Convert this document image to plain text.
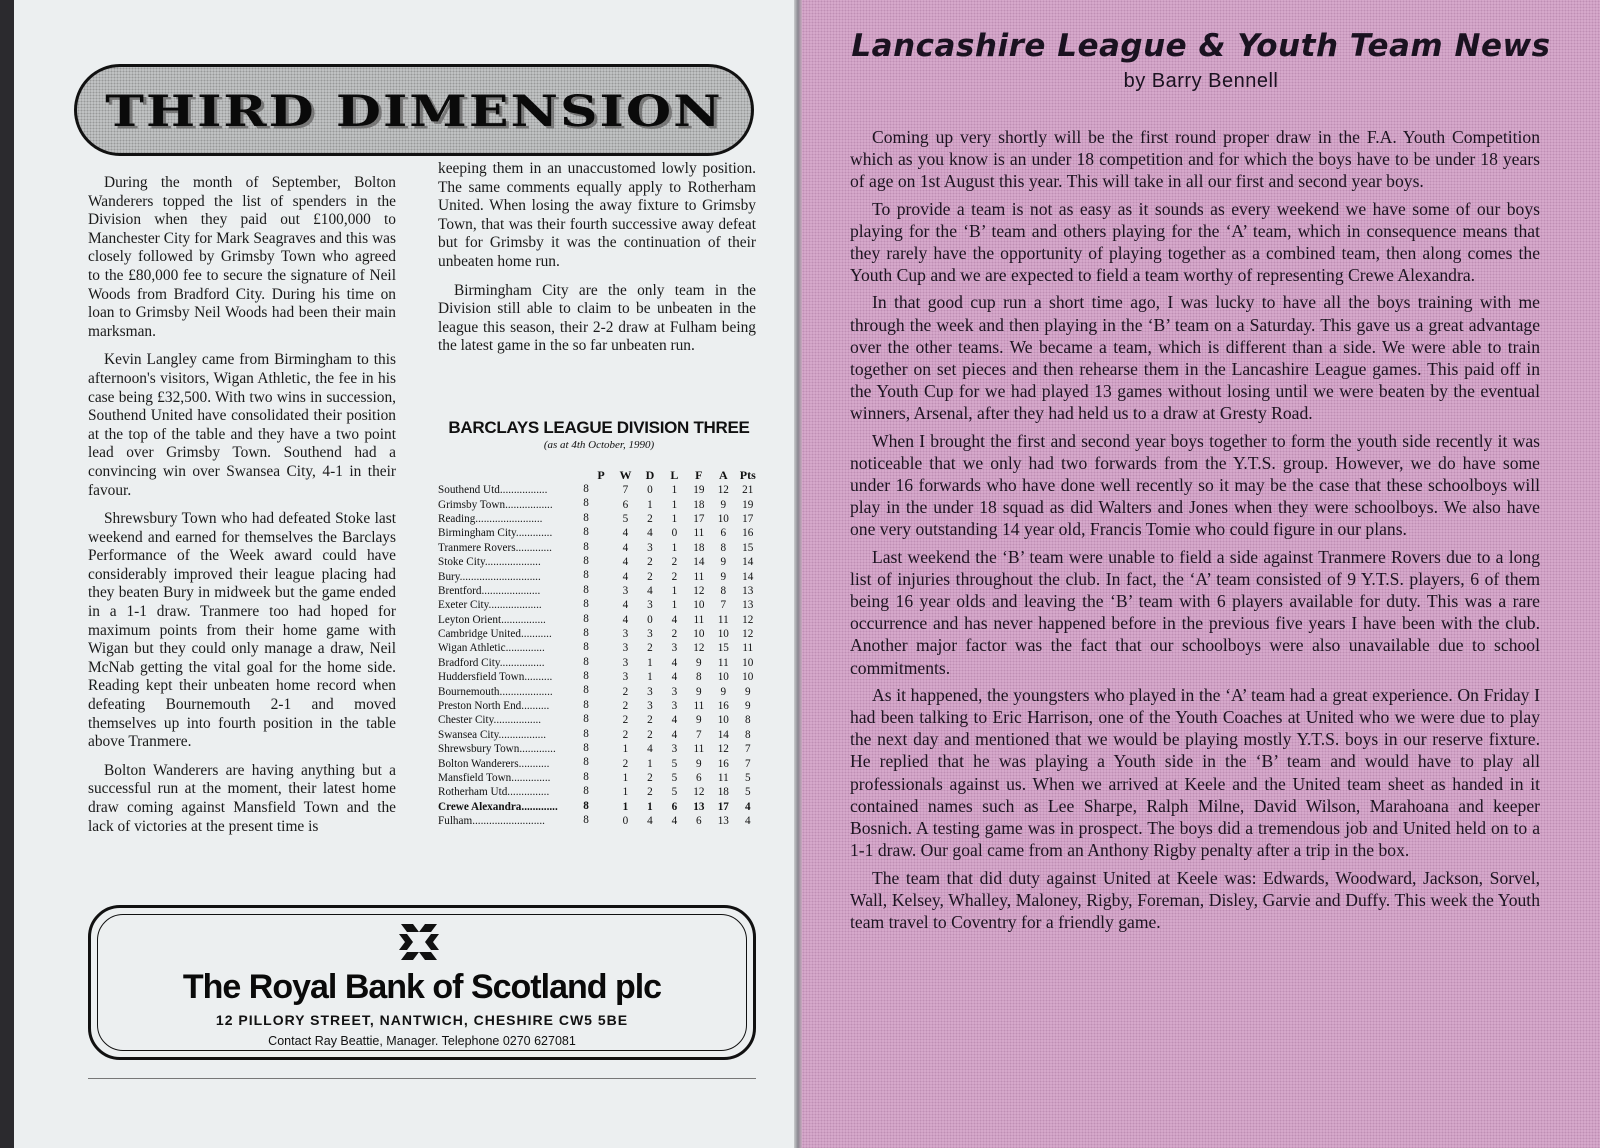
THIRD DIMENSION

During the month of September, Bolton Wanderers topped the list of spenders in the Division when they paid out £100,000 to Manchester City for Mark Seagraves and this was closely followed by Grimsby Town who agreed to the £80,000 fee to secure the signature of Neil Woods from Bradford City. During his time on loan to Grimsby Neil Woods had been their main marksman.

Kevin Langley came from Birmingham to this afternoon's visitors, Wigan Athletic, the fee in his case being £32,500. With two wins in succession, Southend United have consolidated their position at the top of the table and they have a two point lead over Grimsby Town. Southend had a convincing win over Swansea City, 4-1 in their favour.

Shrewsbury Town who had defeated Stoke last weekend and earned for themselves the Barclays Performance of the Week award could have considerably improved their league placing had they beaten Bury in midweek but the game ended in a 1-1 draw. Tranmere too had hoped for maximum points from their home game with Wigan but they could only manage a draw, Neil McNab getting the vital goal for the home side. Reading kept their unbeaten home record when defeating Bournemouth 2-1 and moved themselves up into fourth position in the table above Tranmere.

Bolton Wanderers are having anything but a successful run at the moment, their latest home draw coming against Mansfield Town and the lack of victories at the present time is

keeping them in an unaccustomed lowly position. The same comments equally apply to Rotherham United. When losing the away fixture to Grimsby Town, that was their fourth successive away defeat but for Grimsby it was the continuation of their unbeaten home run.

Birmingham City are the only team in the Division still able to claim to be unbeaten in the league this season, their 2-2 draw at Fulham being the latest game in the so far unbeaten run.

BARCLAYS LEAGUE DIVISION THREE
(as at 4th October, 1990)
	P	W	D	L	F	A	Pts
Southend Utd................. 8		7	0	1	19	12	21
Grimsby Town................. 8		6	1	1	18	9	19
Reading........................ 8		5	2	1	17	10	17
Birmingham City............. 8		4	4	0	11	6	16
Tranmere Rovers............. 8		4	3	1	18	8	15
Stoke City.................... 8		4	2	2	14	9	14
Bury............................. 8		4	2	2	11	9	14
Brentford..................... 8		3	4	1	12	8	13
Exeter City................... 8		4	3	1	10	7	13
Leyton Orient................ 8		4	0	4	11	11	12
Cambridge United........... 8		3	3	2	10	10	12
Wigan Athletic.............. 8		3	2	3	12	15	11
Bradford City................ 8		3	1	4	9	11	10
Huddersfield Town.......... 8		3	1	4	8	10	10
Bournemouth................... 8		2	3	3	9	9	9
Preston North End.......... 8		2	3	3	11	16	9
Chester City................. 8		2	2	4	9	10	8
Swansea City................. 8		2	2	4	7	14	8
Shrewsbury Town............. 8		1	4	3	11	12	7
Bolton Wanderers........... 8		2	1	5	9	16	7
Mansfield Town.............. 8		1	2	5	6	11	5
Rotherham Utd............... 8		1	2	5	12	18	5
Crewe Alexandra............. 8		1	1	6	13	17	4
Fulham.......................... 8		0	4	4	6	13	4
The Royal Bank of Scotland plc
12 PILLORY STREET, NANTWICH, CHESHIRE CW5 5BE
Contact Ray Beattie, Manager. Telephone 0270 627081
Lancashire League & Youth Team News
by Barry Bennell

Coming up very shortly will be the first round proper draw in the F.A. Youth Competition which as you know is an under 18 competition and for which the boys have to be under 18 years of age on 1st August this year. This will take in all our first and second year boys.

To provide a team is not as easy as it sounds as every weekend we have some of our boys playing for the ‘B’ team and others playing for the ‘A’ team, which in consequence means that they rarely have the opportunity of playing together as a combined team, then along comes the Youth Cup and we are expected to field a team worthy of representing Crewe Alexandra.

In that good cup run a short time ago, I was lucky to have all the boys training with me through the week and then playing in the ‘B’ team on a Saturday. This gave us a great advantage over the other teams. We became a team, which is different than a side. We were able to train together on set pieces and then rehearse them in the Lancashire League games. This paid off in the Youth Cup for we had played 13 games without losing until we were beaten by the eventual winners, Arsenal, after they had held us to a draw at Gresty Road.

When I brought the first and second year boys together to form the youth side recently it was noticeable that we only had two forwards from the Y.T.S. group. However, we do have some under 16 forwards who have done well recently so it may be the case that these schoolboys will play in the under 18 squad as did Walters and Jones when they were schoolboys. We also have one very outstanding 14 year old, Francis Tomie who could figure in our plans.

Last weekend the ‘B’ team were unable to field a side against Tranmere Rovers due to a long list of injuries throughout the club. In fact, the ‘A’ team consisted of 9 Y.T.S. players, 6 of them being 16 year olds and leaving the ‘B’ team with 6 players available for duty. This was a rare occurrence and has never happened before in the previous five years I have been with the club. Another major factor was the fact that our schoolboys were also unavailable due to school commitments.

As it happened, the youngsters who played in the ‘A’ team had a great experience. On Friday I had been talking to Eric Harrison, one of the Youth Coaches at United who we were due to play the next day and mentioned that we would be playing mostly Y.T.S. boys in our reserve fixture. He replied that he was playing a Youth side in the ‘B’ team and would have to play all professionals against us. When we arrived at Keele and the United team sheet as handed in it contained names such as Lee Sharpe, Ralph Milne, David Wilson, Marahoana and keeper Bosnich. A testing game was in prospect. The boys did a tremendous job and United held on to a 1-1 draw. Our goal came from an Anthony Rigby penalty after a trip in the box.

The team that did duty against United at Keele was: Edwards, Woodward, Jackson, Sorvel, Wall, Kelsey, Whalley, Maloney, Rigby, Foreman, Disley, Garvie and Duffy. This week the Youth team travel to Coventry for a friendly game.
